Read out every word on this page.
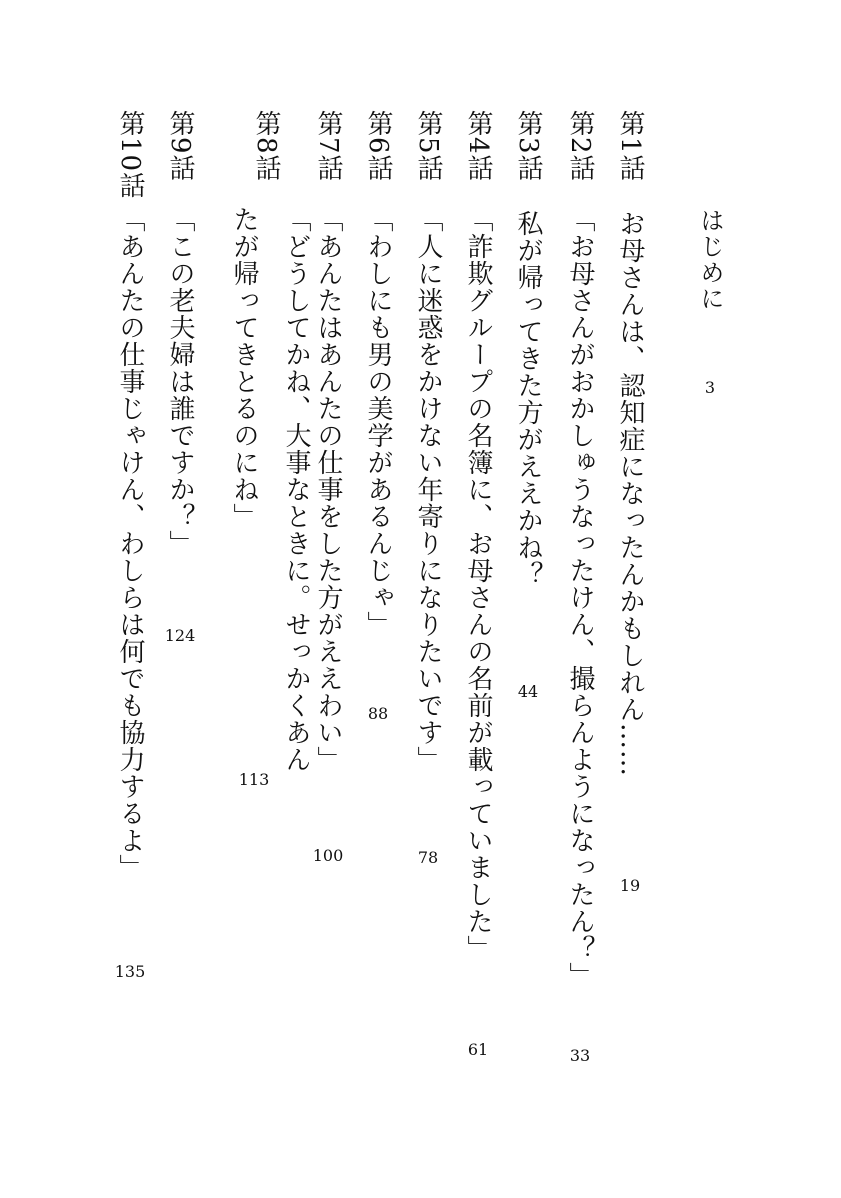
はじめに
3
第1話
お母さんは、認知症になったんかもしれん……
19
第2話
「お母さんがおかしゅうなったけん、撮らんようになったん？」
33
第3話
私が帰ってきた方がええかね？
44
第4話
「詐欺グループの名簿に、お母さんの名前が載っていました」
61
第5話
「人に迷惑をかけない年寄りになりたいです」
78
第6話
「わしにも男の美学があるんじゃ」
88
第7話
「あんたはあんたの仕事をした方がええわい」
100
第8話
「どうしてかね、大事なときに。せっかくあんたが帰ってきとるのにね」
113
第9話
「この老夫婦は誰ですか？」
124
第10話
「あんたの仕事じゃけん、わしらは何でも協力するよ」
135
